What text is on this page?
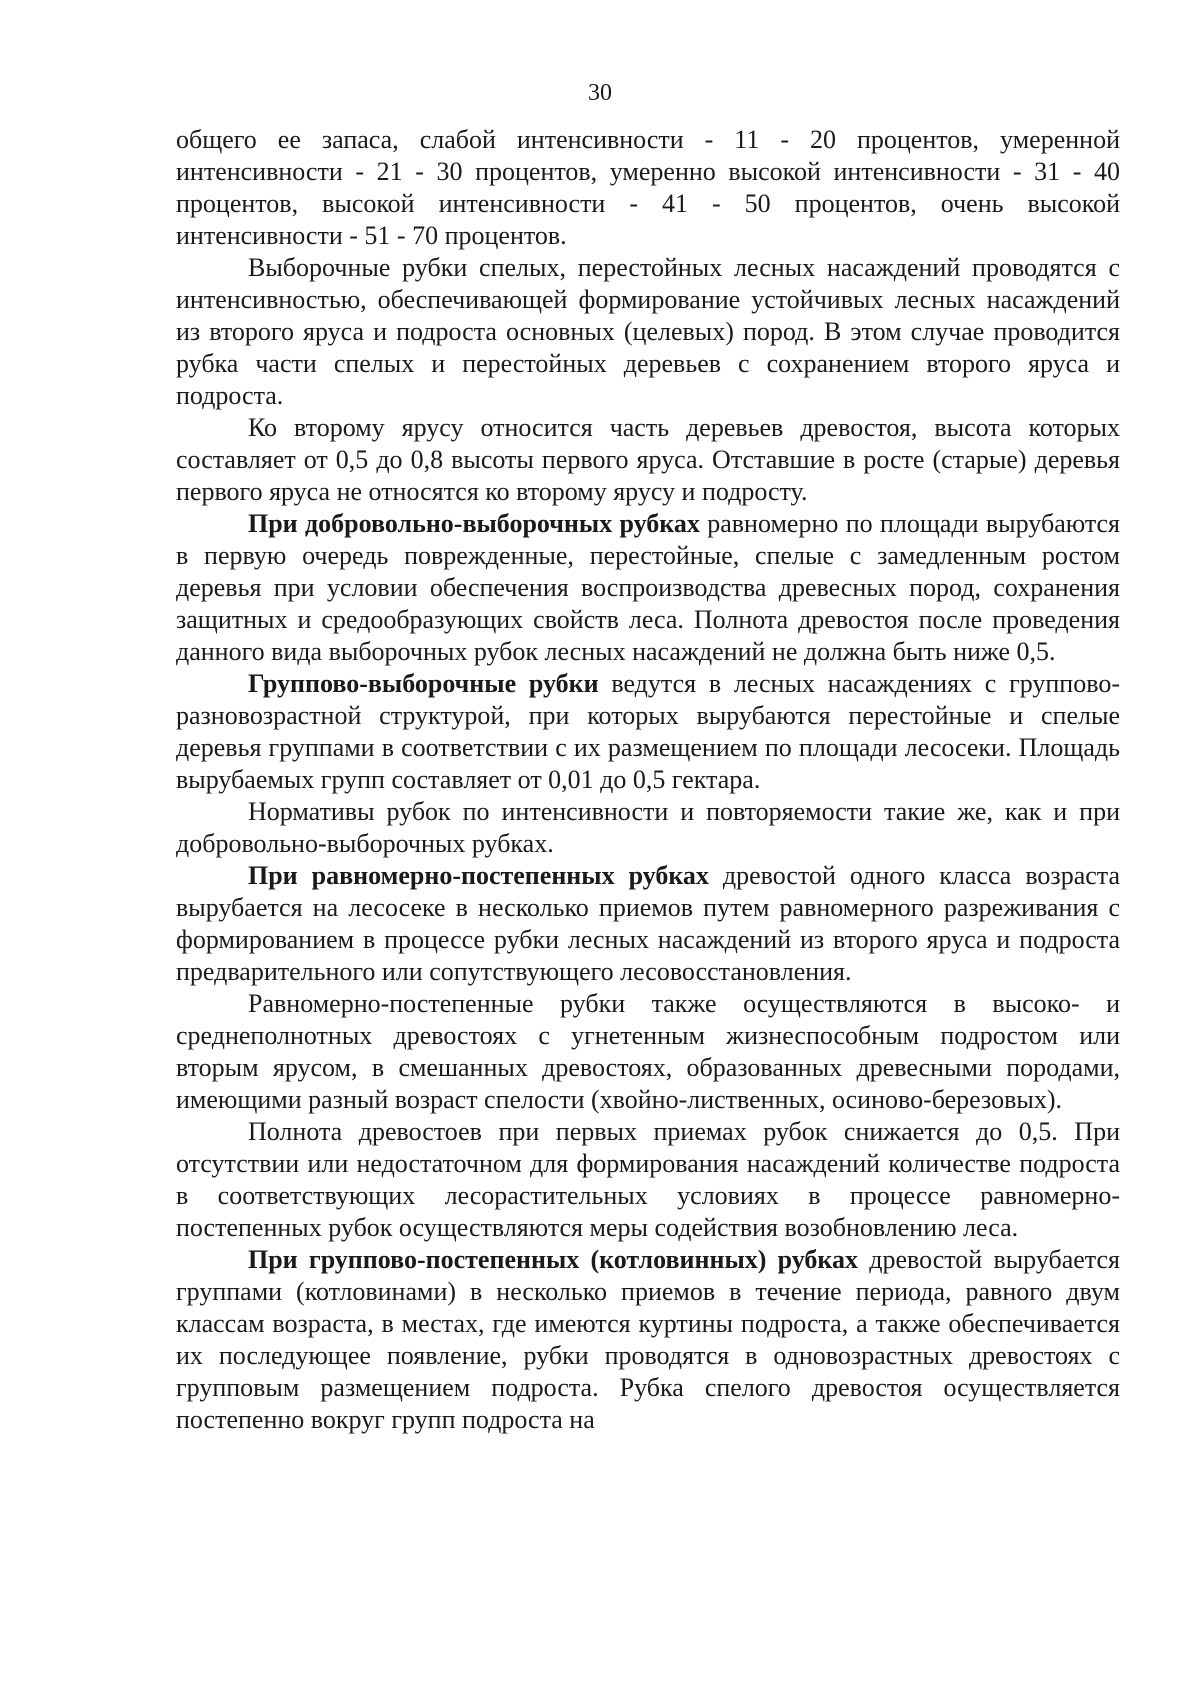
30

общего ее запаса, слабой интенсивности - 11 - 20 процентов, умеренной интенсивности - 21 - 30 процентов, умеренно высокой интенсивности - 31 - 40 процентов, высокой интенсивности - 41 - 50 процентов, очень высокой интенсивности - 51 - 70 процентов.

Выборочные рубки спелых, перестойных лесных насаждений проводятся с интенсивностью, обеспечивающей формирование устойчивых лесных насаждений из второго яруса и подроста основных (целевых) пород. В этом случае проводится рубка части спелых и перестойных деревьев с сохранением второго яруса и подроста.

Ко второму ярусу относится часть деревьев древостоя, высота которых составляет от 0,5 до 0,8 высоты первого яруса. Отставшие в росте (старые) деревья первого яруса не относятся ко второму ярусу и подросту.

При добровольно-выборочных рубках равномерно по площади вырубаются в первую очередь поврежденные, перестойные, спелые с замедленным ростом деревья при условии обеспечения воспроизводства древесных пород, сохранения защитных и средообразующих свойств леса. Полнота древостоя после проведения данного вида выборочных рубок лесных насаждений не должна быть ниже 0,5.

Группово-выборочные рубки ведутся в лесных насаждениях с группово-разновозрастной структурой, при которых вырубаются перестойные и спелые деревья группами в соответствии с их размещением по площади лесосеки. Площадь вырубаемых групп составляет от 0,01 до 0,5 гектара.

Нормативы рубок по интенсивности и повторяемости такие же, как и при добровольно-выборочных рубках.

При равномерно-постепенных рубках древостой одного класса возраста вырубается на лесосеке в несколько приемов путем равномерного разреживания с формированием в процессе рубки лесных насаждений из второго яруса и подроста предварительного или сопутствующего лесовосстановления.

Равномерно-постепенные рубки также осуществляются в высоко- и среднеполнотных древостоях с угнетенным жизнеспособным подростом или вторым ярусом, в смешанных древостоях, образованных древесными породами, имеющими разный возраст спелости (хвойно-лиственных, осиново-березовых).

Полнота древостоев при первых приемах рубок снижается до 0,5. При отсутствии или недостаточном для формирования насаждений количестве подроста в соответствующих лесорастительных условиях в процессе равномерно-постепенных рубок осуществляются меры содействия возобновлению леса.

При группово-постепенных (котловинных) рубках древостой вырубается группами (котловинами) в несколько приемов в течение периода, равного двум классам возраста, в местах, где имеются куртины подроста, а также обеспечивается их последующее появление, рубки проводятся в одновозрастных древостоях с групповым размещением подроста. Рубка спелого древостоя осуществляется постепенно вокруг групп подроста на
